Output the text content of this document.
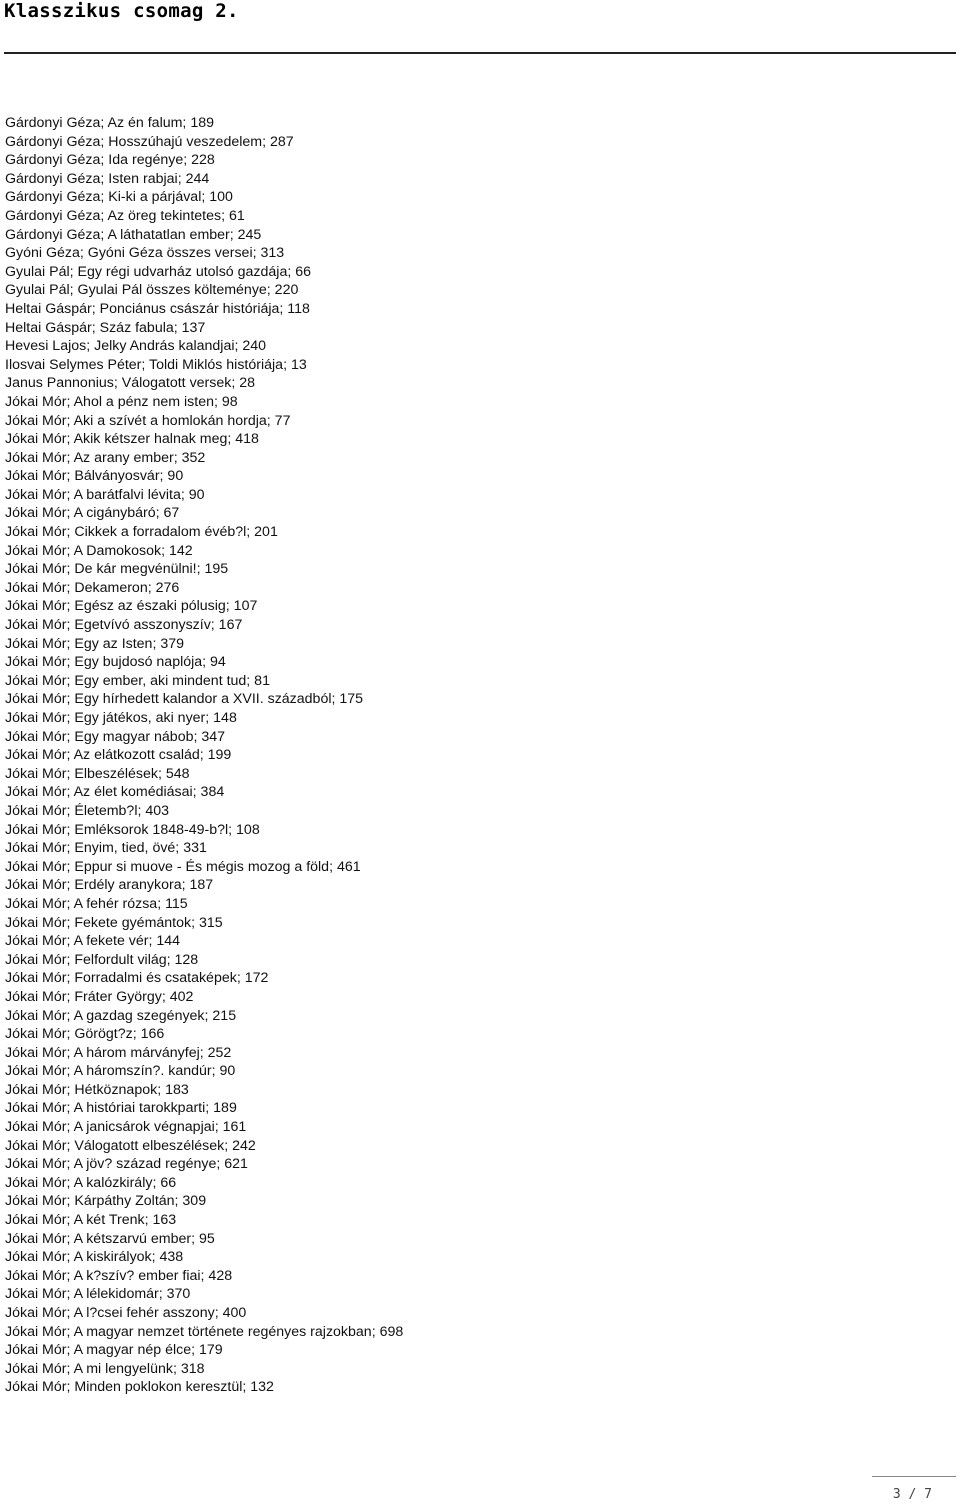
Klasszikus csomag 2.
Gárdonyi Géza; Az én falum; 189
Gárdonyi Géza; Hosszúhajú veszedelem; 287
Gárdonyi Géza; Ida regénye; 228
Gárdonyi Géza; Isten rabjai; 244
Gárdonyi Géza; Ki-ki a párjával; 100
Gárdonyi Géza; Az öreg tekintetes; 61
Gárdonyi Géza; A láthatatlan ember; 245
Gyóni Géza; Gyóni Géza összes versei; 313
Gyulai Pál; Egy régi udvarház utolsó gazdája; 66
Gyulai Pál; Gyulai Pál összes költeménye; 220
Heltai Gáspár; Ponciánus császár históriája; 118
Heltai Gáspár; Száz fabula; 137
Hevesi Lajos; Jelky András kalandjai; 240
Ilosvai Selymes Péter; Toldi Miklós históriája; 13
Janus Pannonius; Válogatott versek; 28
Jókai Mór; Ahol a pénz nem isten; 98
Jókai Mór; Aki a szívét a homlokán hordja; 77
Jókai Mór; Akik kétszer halnak meg; 418
Jókai Mór; Az arany ember; 352
Jókai Mór; Bálványosvár; 90
Jókai Mór; A barátfalvi lévita; 90
Jókai Mór; A cigánybáró; 67
Jókai Mór; Cikkek a forradalom évéb?l; 201
Jókai Mór; A Damokosok; 142
Jókai Mór; De kár megvénülni!; 195
Jókai Mór; Dekameron; 276
Jókai Mór; Egész az északi pólusig; 107
Jókai Mór; Egetvívó asszonyszív; 167
Jókai Mór; Egy az Isten; 379
Jókai Mór; Egy bujdosó naplója; 94
Jókai Mór; Egy ember, aki mindent tud; 81
Jókai Mór; Egy hírhedett kalandor a XVII. századból; 175
Jókai Mór; Egy játékos, aki nyer; 148
Jókai Mór; Egy magyar nábob; 347
Jókai Mór; Az elátkozott család; 199
Jókai Mór; Elbeszélések; 548
Jókai Mór; Az élet komédiásai; 384
Jókai Mór; Életemb?l; 403
Jókai Mór; Emléksorok 1848-49-b?l; 108
Jókai Mór; Enyim, tied, övé; 331
Jókai Mór; Eppur si muove - És mégis mozog a föld; 461
Jókai Mór; Erdély aranykora; 187
Jókai Mór; A fehér rózsa; 115
Jókai Mór; Fekete gyémántok; 315
Jókai Mór; A fekete vér; 144
Jókai Mór; Felfordult világ; 128
Jókai Mór; Forradalmi és csataképek; 172
Jókai Mór; Fráter György; 402
Jókai Mór; A gazdag szegények; 215
Jókai Mór; Görögt?z; 166
Jókai Mór; A három márványfej; 252
Jókai Mór; A háromszín?. kandúr; 90
Jókai Mór; Hétköznapok; 183
Jókai Mór; A históriai tarokkparti; 189
Jókai Mór; A janicsárok végnapjai; 161
Jókai Mór; Válogatott elbeszélések; 242
Jókai Mór; A jöv? század regénye; 621
Jókai Mór; A kalózkirály; 66
Jókai Mór; Kárpáthy Zoltán; 309
Jókai Mór; A két Trenk; 163
Jókai Mór; A kétszarvú ember; 95
Jókai Mór; A kiskirályok; 438
Jókai Mór; A k?szív? ember fiai; 428
Jókai Mór; A lélekidomár; 370
Jókai Mór; A l?csei fehér asszony; 400
Jókai Mór; A magyar nemzet története regényes rajzokban; 698
Jókai Mór; A magyar nép élce; 179
Jókai Mór; A mi lengyelünk; 318
Jókai Mór; Minden poklokon keresztül; 132
3 / 7
